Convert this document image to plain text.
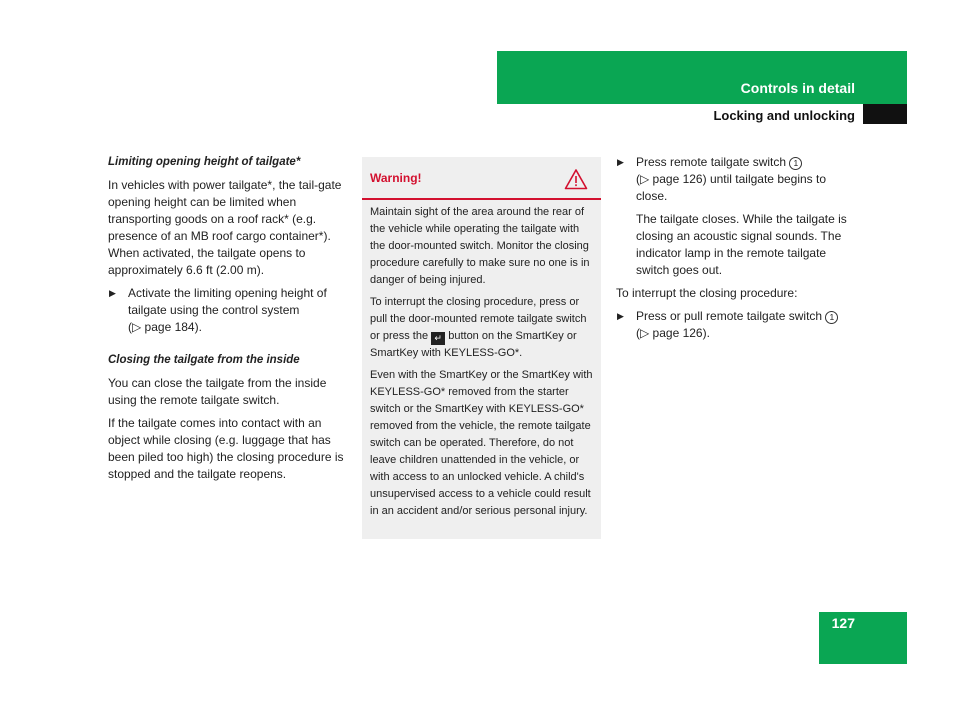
Controls in detail
Locking and unlocking

Limiting opening height of tailgate*

In vehicles with power tailgate*, the tail-gate opening height can be limited when transporting goods on a roof rack* (e.g. presence of an MB roof cargo container*). When activated, the tailgate opens to approximately 6.6 ft (2.00 m).

▶ Activate the limiting opening height of tailgate using the control system
(▷ page 184).

Closing the tailgate from the inside

You can close the tailgate from the inside using the remote tailgate switch.

If the tailgate comes into contact with an object while closing (e.g. luggage that has been piled too high) the closing procedure is stopped and the tailgate reopens.

Warning!

Maintain sight of the area around the rear of the vehicle while operating the tailgate with the door-mounted switch. Monitor the closing procedure carefully to make sure no one is in danger of being injured.

To interrupt the closing procedure, press or pull the door-mounted remote tailgate switch or press the ↵ button on the SmartKey or SmartKey with KEYLESS-GO*.

Even with the SmartKey or the SmartKey with KEYLESS-GO* removed from the starter switch or the SmartKey with KEYLESS-GO* removed from the vehicle, the remote tailgate switch can be operated. Therefore, do not leave children unattended in the vehicle, or with access to an unlocked vehicle. A child's unsupervised access to a vehicle could result in an accident and/or serious personal injury.

▶ Press remote tailgate switch 1
(▷ page 126) until tailgate begins to close.

The tailgate closes. While the tailgate is closing an acoustic signal sounds. The indicator lamp in the remote tailgate switch goes out.

To interrupt the closing procedure:

▶ Press or pull remote tailgate switch 1
(▷ page 126).

127
